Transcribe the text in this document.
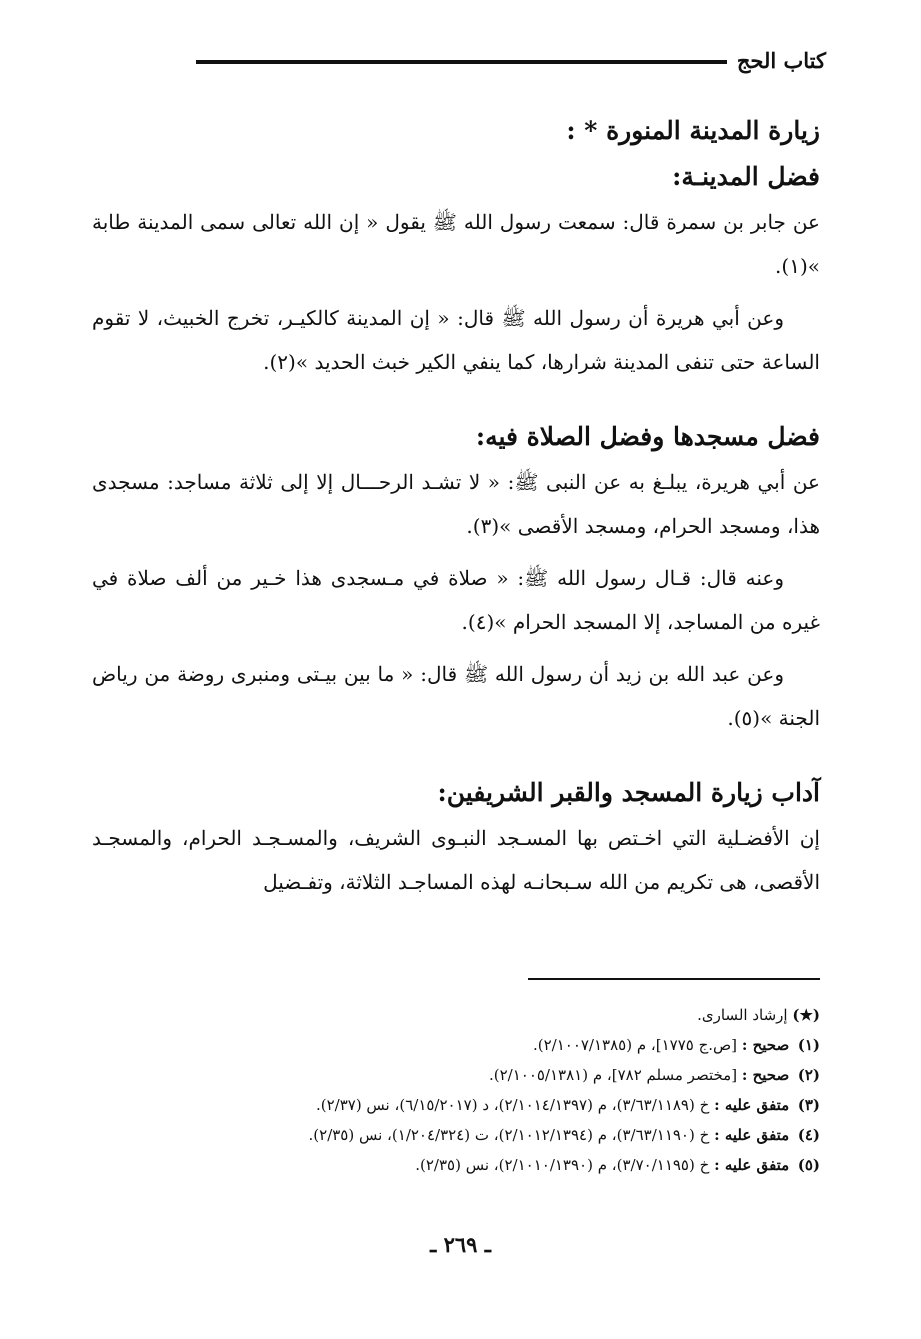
كتاب الحج
زيارة المدينة المنورة * :
فضل المدينـة:

عن جابر بن سمرة قال: سمعت رسول الله ﷺ يقول « إن الله تعالى سمى المدينة طابة »(١).

وعن أبي هريرة أن رسول الله ﷺ قال: « إن المدينة كالكيـر، تخرج الخبيث، لا تقوم الساعة حتى تنفى المدينة شرارها، كما ينفي الكير خبث الحديد »(٢).

فضل مسجدها وفضل الصلاة فيه:

عن أبي هريرة، يبلـغ به عن النبى ﷺ: « لا تشـد الرحـــال إلا إلى ثلاثة مساجد: مسجدى هذا، ومسجد الحرام، ومسجد الأقصى »(٣).

وعنه قال: قـال رسول الله ﷺ: « صلاة في مـسجدى هذا خـير من ألف صلاة في غيره من المساجد، إلا المسجد الحرام »(٤).

وعن عبد الله بن زيد أن رسول الله ﷺ قال: « ما بين بيـتى ومنبرى روضة من رياض الجنة »(٥).

آداب زيارة المسجد والقبر الشريفين:

إن الأفضـلية التي اخـتص بها المسـجد النبـوى الشريف، والمسـجـد الحرام، والمسجـد الأقصى، هى تكريم من الله سـبحانـه لهذه المساجـد الثلاثة، وتفـضيل

(★) إرشاد السارى.

(١) صحيح : [ص.ج ١٧٧٥]، م (٢/١٠٠٧/١٣٨٥).

(٢) صحيح : [مختصر مسلم ٧٨٢]، م (٢/١٠٠٥/١٣٨١).

(٣) متفق عليه : خ (٣/٦٣/١١٨٩)، م (٢/١٠١٤/١٣٩٧)، د (٦/١٥/٢٠١٧)، نس (٢/٣٧).

(٤) متفق عليه : خ (٣/٦٣/١١٩٠)، م (٢/١٠١٢/١٣٩٤)، ت (١/٢٠٤/٣٢٤)، نس (٢/٣٥).

(٥) متفق عليه : خ (٣/٧٠/١١٩٥)، م (٢/١٠١٠/١٣٩٠)، نس (٢/٣٥).

ـ ٢٦٩ ـ
